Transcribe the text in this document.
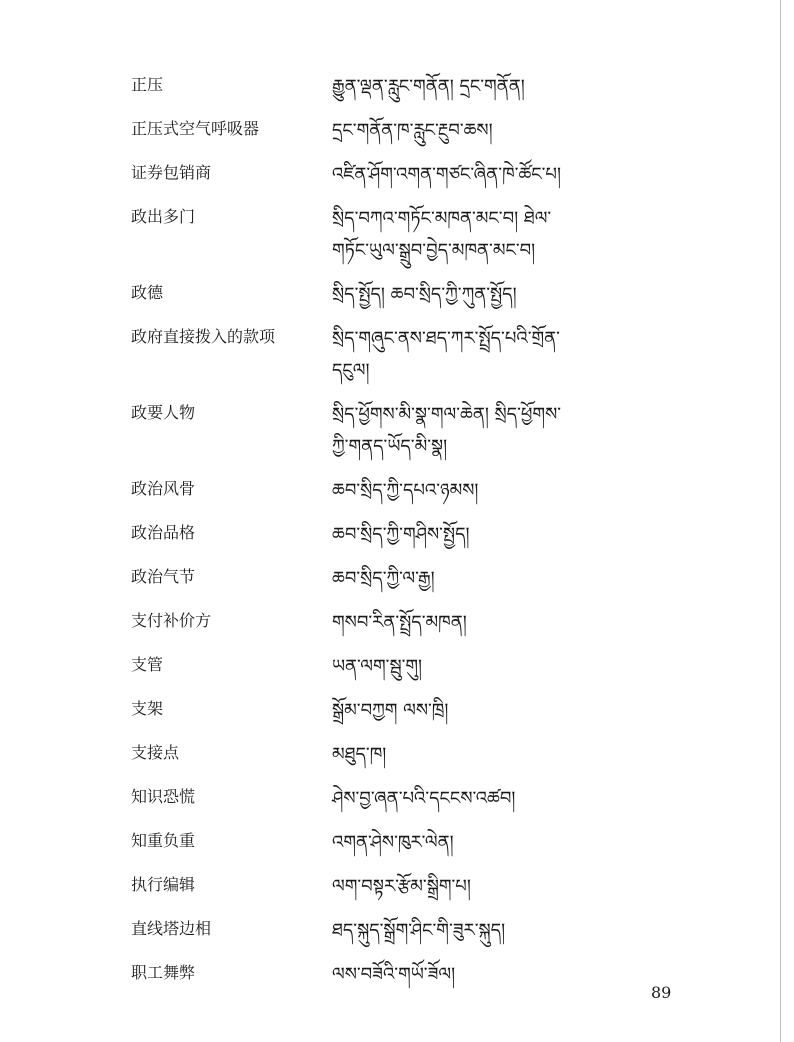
正压	རྒྱུན་ལྡན་རླུང་གནོན། དྲང་གནོན།
正压式空气呼吸器	དྲང་གནོན་ཁ་རླུང་རྔུབ་ཆས།
证券包销商	འཛིན་ཤོག་འགན་གཙང་ཞིན་ཁེ་ཚོང་པ།
政出多门	སྲིད་བཀའ་གཏོང་མཁན་མང་བ། ཐེལ་གཏོང་ཡུལ་སྒྲུབ་བྱེད་མཁན་མང་བ།
政德	སྲིད་སྤྱོད། ཆབ་སྲིད་ཀྱི་ཀུན་སྤྱོད།
政府直接拨入的款项	སྲིད་གཞུང་ནས་ཐད་ཀར་སྤྲོད་པའི་གྲོན་དངུལ།
政要人物	སྲིད་ཕྱོགས་མི་སྣ་གལ་ཆེན། སྲིད་ཕྱོགས་ཀྱི་གནད་ཡོད་མི་སྣ།
政治风骨	ཆབ་སྲིད་ཀྱི་དཔའ་ཉམས།
政治品格	ཆབ་སྲིད་ཀྱི་གཤིས་སྤྱོད།
政治气节	ཆབ་སྲིད་ཀྱི་ལ་རྒྱ།
支付补价方	གསབ་རིན་སྤྲོད་མཁན།
支管	ཡན་ལག་སྦུ་གུ།
支架	སྒྲོམ་བཀྱག ལས་ཁྲི།
支接点	མཐུད་ཁ།
知识恐慌	ཤེས་བྱ་ཞན་པའི་དངངས་འཚབ།
知重负重	འགན་ཤེས་ཁུར་ལེན།
执行编辑	ལག་བསྟར་རྩོམ་སྒྲིག་པ།
直线塔边相	ཐད་སྐུད་སྒྲོག་ཤིང་གི་ཟུར་སྐུད།
职工舞弊	ལས་བཟོའི་གཡོ་ཟོལ།
89
